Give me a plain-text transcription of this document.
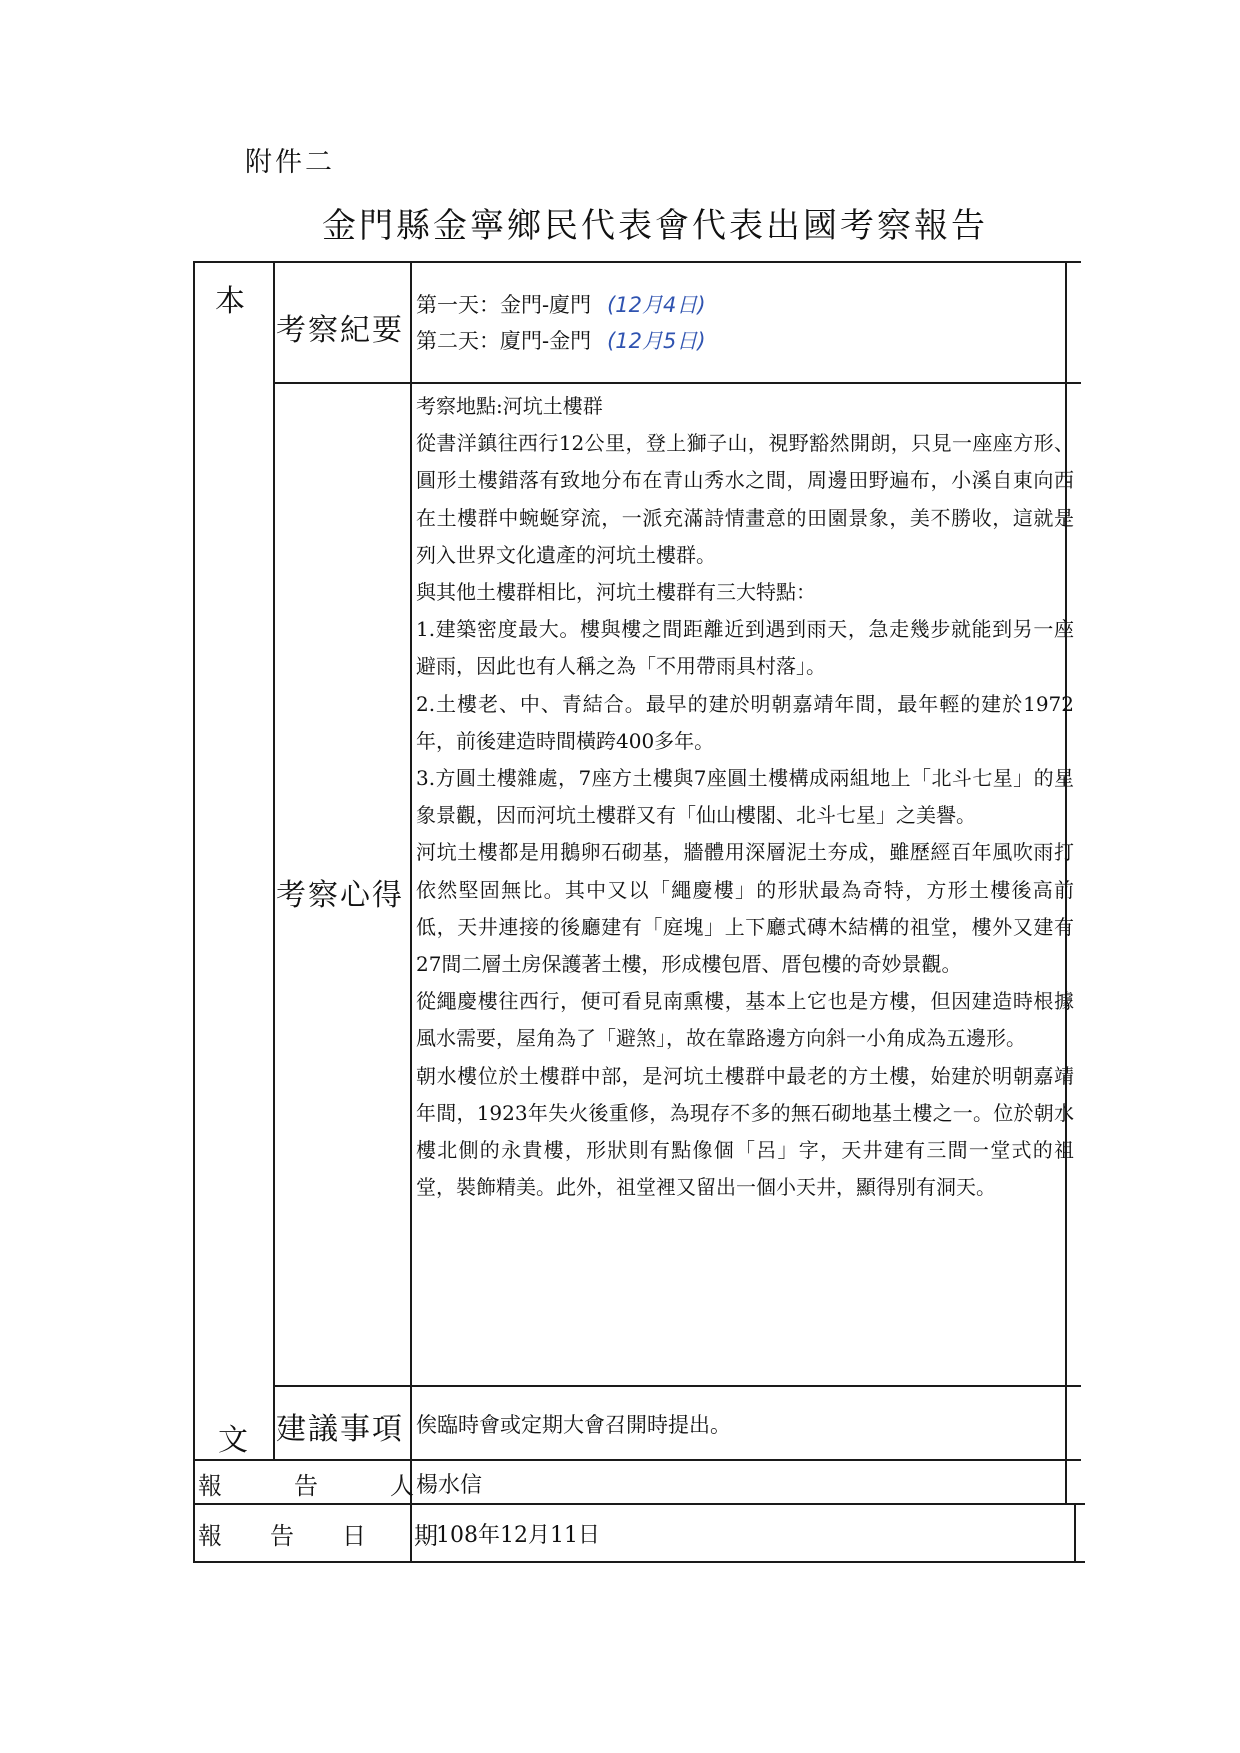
附件二
金門縣金寧鄉民代表會代表出國考察報告
本
文
考察紀要
第一天：金門-廈門 (12月4日)
第二天：廈門-金門 (12月5日)
考察心得

考察地點:河坑土樓群

從書洋鎮往西行12公里，登上獅子山，視野豁然開朗，只見一座座方形、圓形土樓錯落有致地分布在青山秀水之間，周邊田野遍布，小溪自東向西在土樓群中蜿蜒穿流，一派充滿詩情畫意的田園景象，美不勝收，這就是列入世界文化遺產的河坑土樓群。

與其他土樓群相比，河坑土樓群有三大特點：

1.建築密度最大。樓與樓之間距離近到遇到雨天，急走幾步就能到另一座避雨，因此也有人稱之為「不用帶雨具村落」。

2.土樓老、中、青結合。最早的建於明朝嘉靖年間，最年輕的建於1972年，前後建造時間橫跨400多年。

3.方圓土樓雜處，7座方土樓與7座圓土樓構成兩組地上「北斗七星」的星象景觀，因而河坑土樓群又有「仙山樓閣、北斗七星」之美譽。

河坑土樓都是用鵝卵石砌基，牆體用深層泥土夯成，雖歷經百年風吹雨打依然堅固無比。其中又以「繩慶樓」的形狀最為奇特，方形土樓後高前低，天井連接的後廳建有「庭塊」上下廳式磚木結構的祖堂，樓外又建有27間二層土房保護著土樓，形成樓包厝、厝包樓的奇妙景觀。

從繩慶樓往西行，便可看見南熏樓，基本上它也是方樓，但因建造時根據風水需要，屋角為了「避煞」，故在靠路邊方向斜一小角成為五邊形。

朝水樓位於土樓群中部，是河坑土樓群中最老的方土樓，始建於明朝嘉靖年間，1923年失火後重修，為現存不多的無石砌地基土樓之一。位於朝水樓北側的永貴樓，形狀則有點像個「呂」字，天井建有三間一堂式的祖堂，裝飾精美。此外，祖堂裡又留出一個小天井，顯得別有洞天。

建議事項 俟臨時會或定期大會召開時提出。
報　　　告　　　人 楊水信
報　　告　　日　　期
108年12月11日
